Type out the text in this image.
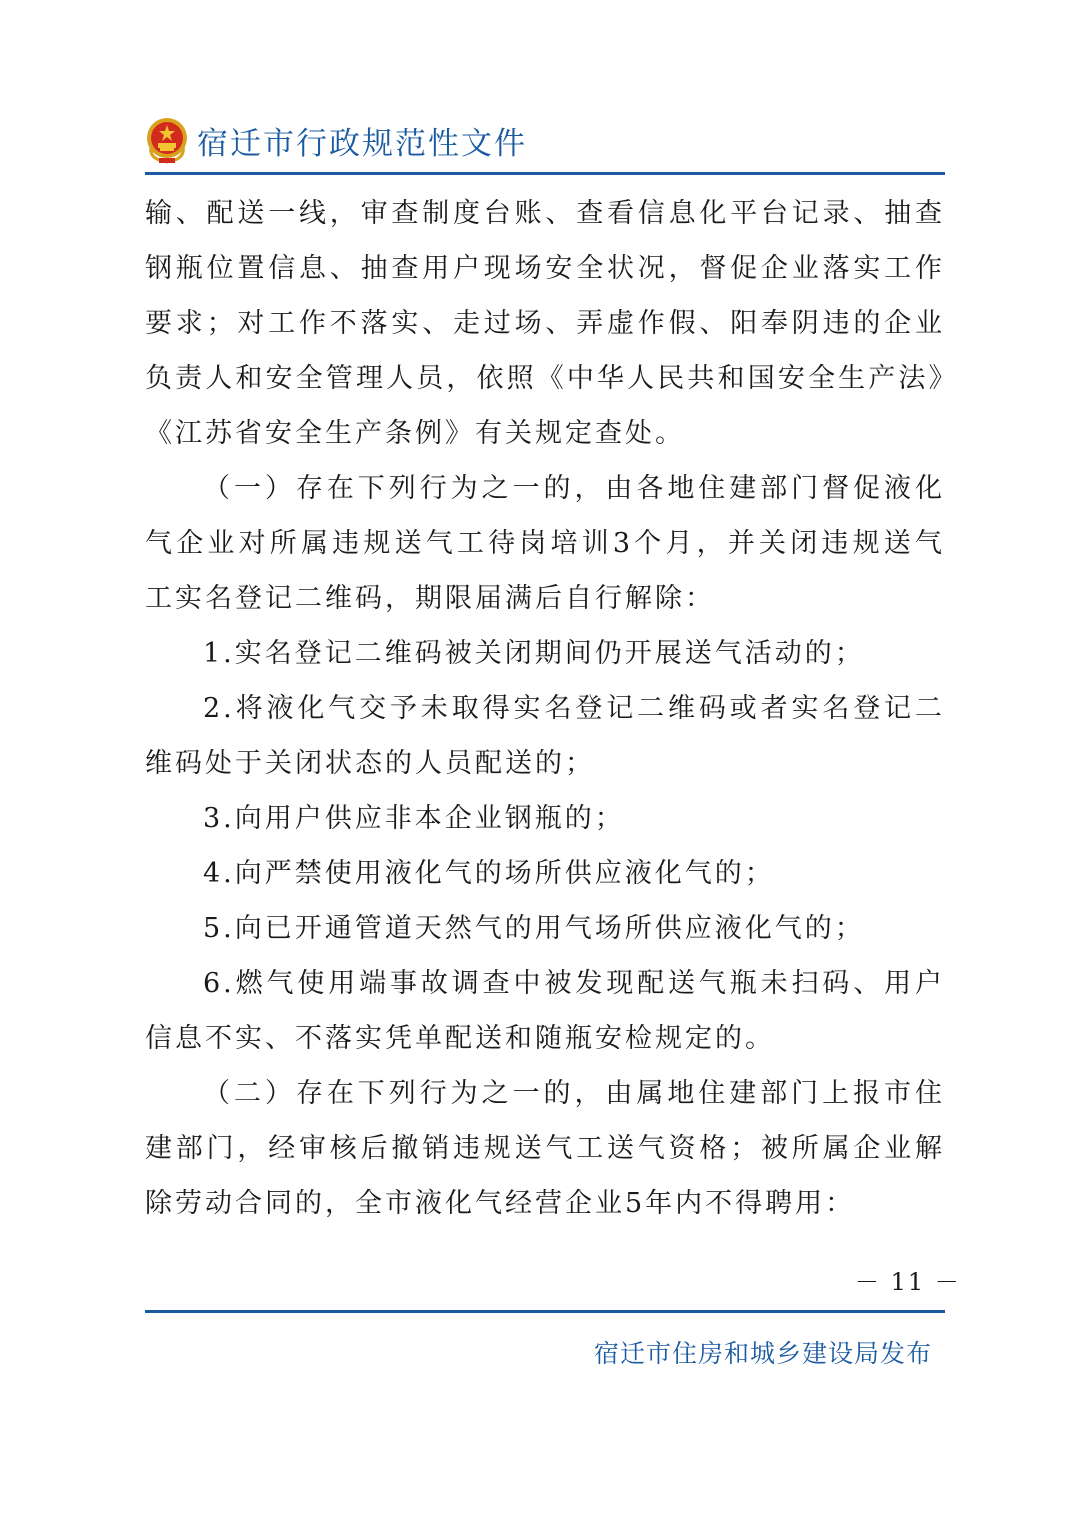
宿迁市行政规范性文件

输、配送一线，审查制度台账、查看信息化平台记录、抽查钢瓶位置信息、抽查用户现场安全状况，督促企业落实工作要求；对工作不落实、走过场、弄虚作假、阳奉阴违的企业负责人和安全管理人员，依照《中华人民共和国安全生产法》《江苏省安全生产条例》有关规定查处。

（一）存在下列行为之一的，由各地住建部门督促液化气企业对所属违规送气工待岗培训3个月，并关闭违规送气工实名登记二维码，期限届满后自行解除：

1.实名登记二维码被关闭期间仍开展送气活动的；

2.将液化气交予未取得实名登记二维码或者实名登记二维码处于关闭状态的人员配送的；

3.向用户供应非本企业钢瓶的；

4.向严禁使用液化气的场所供应液化气的；

5.向已开通管道天然气的用气场所供应液化气的；

6.燃气使用端事故调查中被发现配送气瓶未扫码、用户信息不实、不落实凭单配送和随瓶安检规定的。

（二）存在下列行为之一的，由属地住建部门上报市住建部门，经审核后撤销违规送气工送气资格；被所属企业解除劳动合同的，全市液化气经营企业5年内不得聘用：

－ 11 －
宿迁市住房和城乡建设局发布
